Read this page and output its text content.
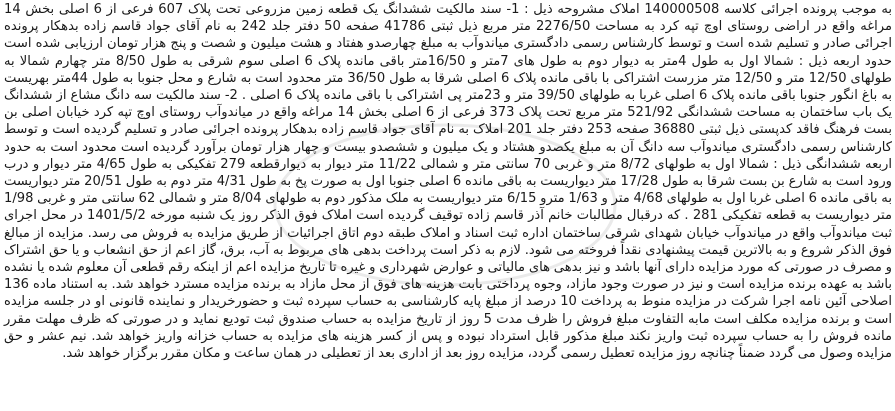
به موجب پرونده اجرائی کلاسه 140000508 املاک مشروحه ذیل : 1- سند مالکیت ششدانگ یک قطعه زمین مزروعی تحت پلاک 607 فرعی از 6 اصلی بخش 14 مراغه واقع در اراضی روستای اوچ تپه کرد به مساحت 2276/50 متر مربع ذیل ثبتی 41786 صفحه 50 دفتر جلد 242 به نام آقای جواد قاسم زاده بدهکار پرونده اجرائی صادر و تسلیم شده است و توسط کارشناس رسمی دادگستری میاندوآب به مبلغ چهارصدو هفتاد و هشت میلیون و شصت و پنج هزار تومان ارزیابی شده است حدود اربعه ذیل : شمالا اول به طول 4متر به دیوار دوم به طول های 7متر و 16/50متر باقی مانده پلاک 6 اصلی سوم شرقی به طول 8/50 متر چهارم شمالا به طولهای 12/50 متر و 12/50 متر مزرست اشتراکی با باقی مانده پلاک 6 اصلی شرقا به طول 36/50 متر محدود است به شارع و محل جنوبا به طول 44متر بهریست به باغ انگور جنوبا باقی مانده پلاک 6 اصلی غربا به طولهای 39/50 متر و 23متر پی اشتراکی با باقی مانده پلاک 6 اصلی . 2- سند مالکیت سه دانگ مشاع از ششدانگ یک باب ساختمان به مساحت ششدانگی 521/92 متر مربع تحت پلاک 373 فرعی از 6 اصلی بخش 14 مراغه واقع در میاندوآب روستای اوچ تپه کرد خیابان اصلی بن بست فرهنگ فاقد کدپستی ذیل ثبتی 36880 صفحه 253 دفتر جلد 201 املاک به نام آقای جواد قاسم زاده بدهکار پرونده اجرائی صادر و تسلیم گردیده است و توسط کارشناس رسمی دادگستری میاندوآب سه دانگ آن به مبلغ یکصدو هشتاد و یک میلیون و ششصدو بیست و چهار هزار تومان برآورد گردیده است محدود است به حدود اربعه ششدانگی ذیل : شمالا اول به طولهای 8/72 متر و غربی 70 سانتی متر و شمالی 11/22 متر دیوار به دیوارقطعه 279 تفکیکی به طول 4/65 متر دیوار و درب ورود است به شارع بن بست شرقا به طول 17/28 متر دیواریست به باقی مانده 6 اصلی جنوبا اول به صورت پخ به طول 4/31 متر دوم به طول 20/51 متر دیواریست به باقی مانده 6 اصلی غربا اول به طولهای 4/68 متر و 1/63 مترو 6/15 متر دیواریست به ملک مذکور دوم به طولهای 8/04 متر و شمالی 62 سانتی متر و غربی 1/98 متر دیواریست به قطعه تفکیکی 281 . که درقبال مطالبات خانم آذر قاسم زاده توقیف گردیده است املاک فوق الذکر روز یک شنبه مورخه 1401/5/2 در محل اجرای ثبت میاندوآب واقع در میاندوآب خیابان شهدای شرقی ساختمان اداره ثبت اسناد و املاک طبقه دوم اتاق اجرائیات از طریق مزایده به فروش می رسد. مزایده از مبالغ فوق الذکر شروع و به بالاترین قیمت پیشنهادی نقداً فروخته می شود. لازم به ذکر است پرداخت بدهی های مربوط به آب، برق، گاز اعم از حق انشعاب و یا حق اشتراک و مصرف در صورتی که مورد مزایده دارای آنها باشد و نیز بدهی های مالیاتی و عوارض شهرداری و غیره تا تاریخ مزایده اعم از اینکه رقم قطعی آن معلوم شده یا نشده باشد به عهده برنده مزایده است و نیز در صورت وجود مازاد، وجوه پرداختی بابت هزینه های فوق از محل مازاد به برنده مزایده مسترد خواهد شد. به استناد ماده 136 اصلاحی آئین نامه اجرا شرکت در مزایده منوط به پرداخت 10 درصد از مبلغ پایه کارشناسی به حساب سپرده ثبت و حضورخریدار و نماینده قانونی او در جلسه مزایده است و برنده مزایده مکلف است مابه التفاوت مبلغ فروش را ظرف مدت 5 روز از تاریخ مزایده به حساب صندوق ثبت توديع نماید و در صورتی که ظرف مهلت مقرر مانده فروش را به حساب سپرده ثبت واریز نکند مبلغ مذکور قابل استرداد نبوده و پس از کسر هزینه های مزایده به حساب خزانه واریز خواهد شد. نیم عشر و حق مزایده وصول می گردد ضمناً چنانچه روز مزایده تعطیل رسمی گردد، مزایده روز بعد از اداری بعد از تعطیلی در همان ساعت و مکان مقرر برگزار خواهد شد.
